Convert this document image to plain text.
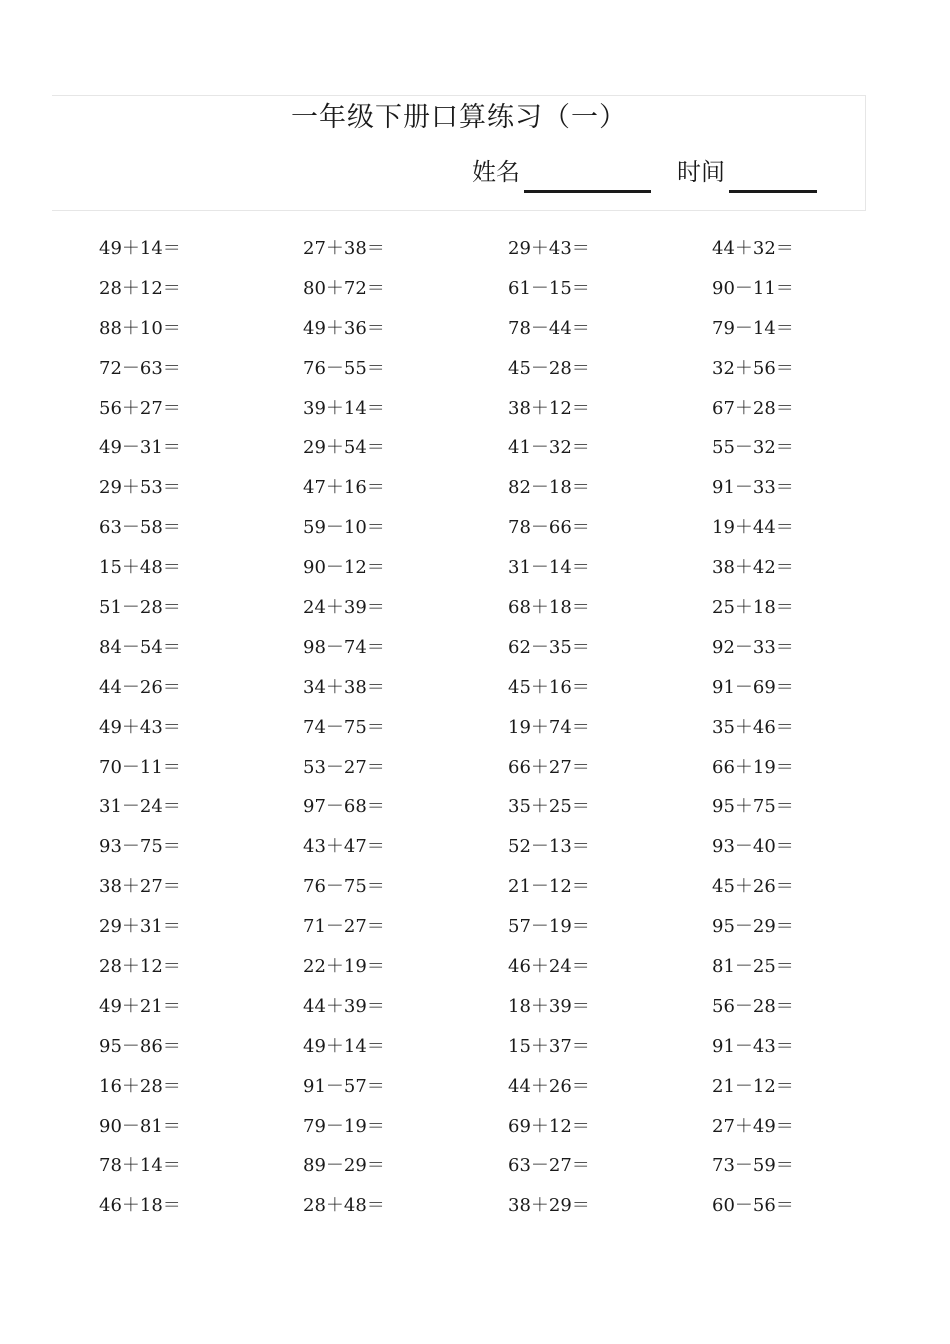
一年级下册口算练习（一）
姓名	时间
49＋14＝	27＋38＝	29＋43＝	44＋32＝
28＋12＝	80＋72＝	61－15＝	90－11＝
88＋10＝	49＋36＝	78－44＝	79－14＝
72－63＝	76－55＝	45－28＝	32＋56＝
56＋27＝	39＋14＝	38＋12＝	67＋28＝
49－31＝	29＋54＝	41－32＝	55－32＝
29＋53＝	47＋16＝	82－18＝	91－33＝
63－58＝	59－10＝	78－66＝	19＋44＝
15＋48＝	90－12＝	31－14＝	38＋42＝
51－28＝	24＋39＝	68＋18＝	25＋18＝
84－54＝	98－74＝	62－35＝	92－33＝
44－26＝	34＋38＝	45＋16＝	91－69＝
49＋43＝	74－75＝	19＋74＝	35＋46＝
70－11＝	53－27＝	66＋27＝	66＋19＝
31－24＝	97－68＝	35＋25＝	95＋75＝
93－75＝	43＋47＝	52－13＝	93－40＝
38＋27＝	76－75＝	21－12＝	45＋26＝
29＋31＝	71－27＝	57－19＝	95－29＝
28＋12＝	22＋19＝	46＋24＝	81－25＝
49＋21＝	44＋39＝	18＋39＝	56－28＝
95－86＝	49＋14＝	15＋37＝	91－43＝
16＋28＝	91－57＝	44＋26＝	21－12＝
90－81＝	79－19＝	69＋12＝	27＋49＝
78＋14＝	89－29＝	63－27＝	73－59＝
46＋18＝	28＋48＝	38＋29＝	60－56＝
